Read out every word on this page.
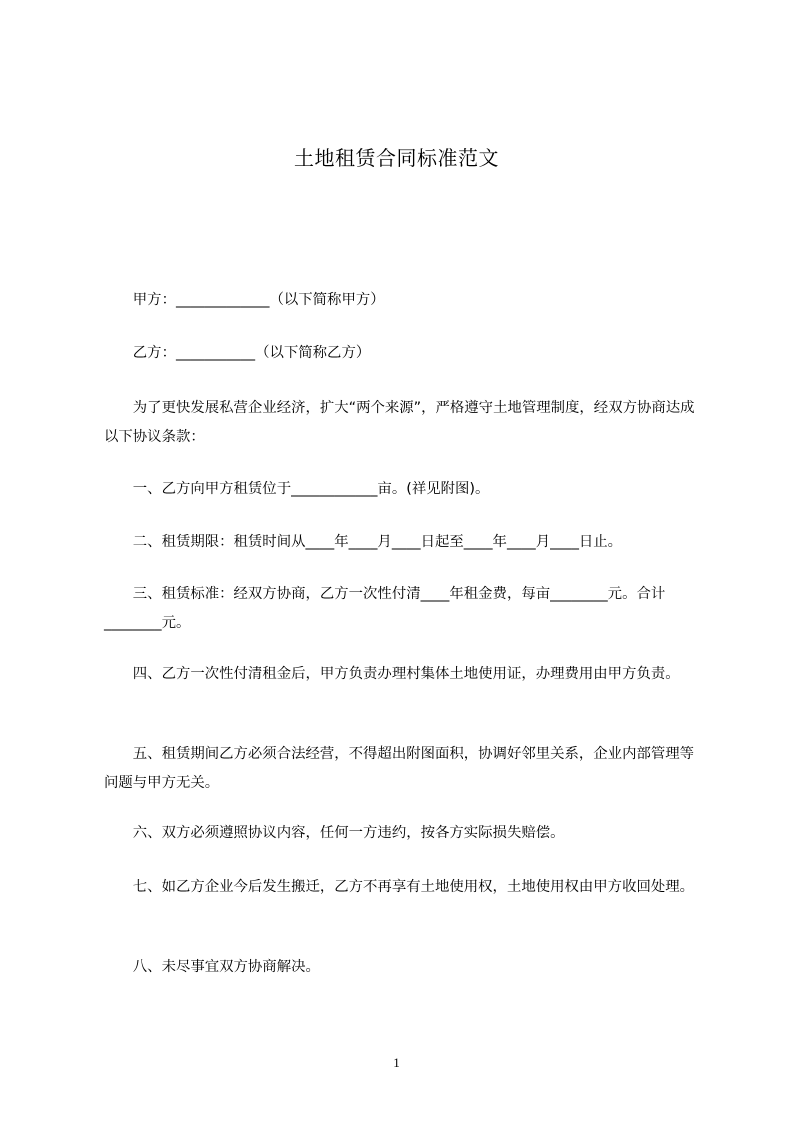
土地租赁合同标准范文
　　甲方：_____________（以下简称甲方）
　　乙方：___________（以下简称乙方）
　　为了更快发展私营企业经济，扩大“两个来源”，严格遵守土地管理制度，经双方协商达成以下协议条款：
　　一、乙方向甲方租赁位于____________亩。(祥见附图)。
　　二、租赁期限：租赁时间从____年____月____日起至____年____月____日止。
　　三、租赁标准：经双方协商，乙方一次性付清____年租金费，每亩________元。合计________元。
　　四、乙方一次性付清租金后，甲方负责办理村集体土地使用证，办理费用由甲方负责。
　　五、租赁期间乙方必须合法经营，不得超出附图面积，协调好邻里关系，企业内部管理等问题与甲方无关。
　　六、双方必须遵照协议内容，任何一方违约，按各方实际损失赔偿。
　　七、如乙方企业今后发生搬迁，乙方不再享有土地使用权，土地使用权由甲方收回处理。
　　八、未尽事宜双方协商解决。
1
